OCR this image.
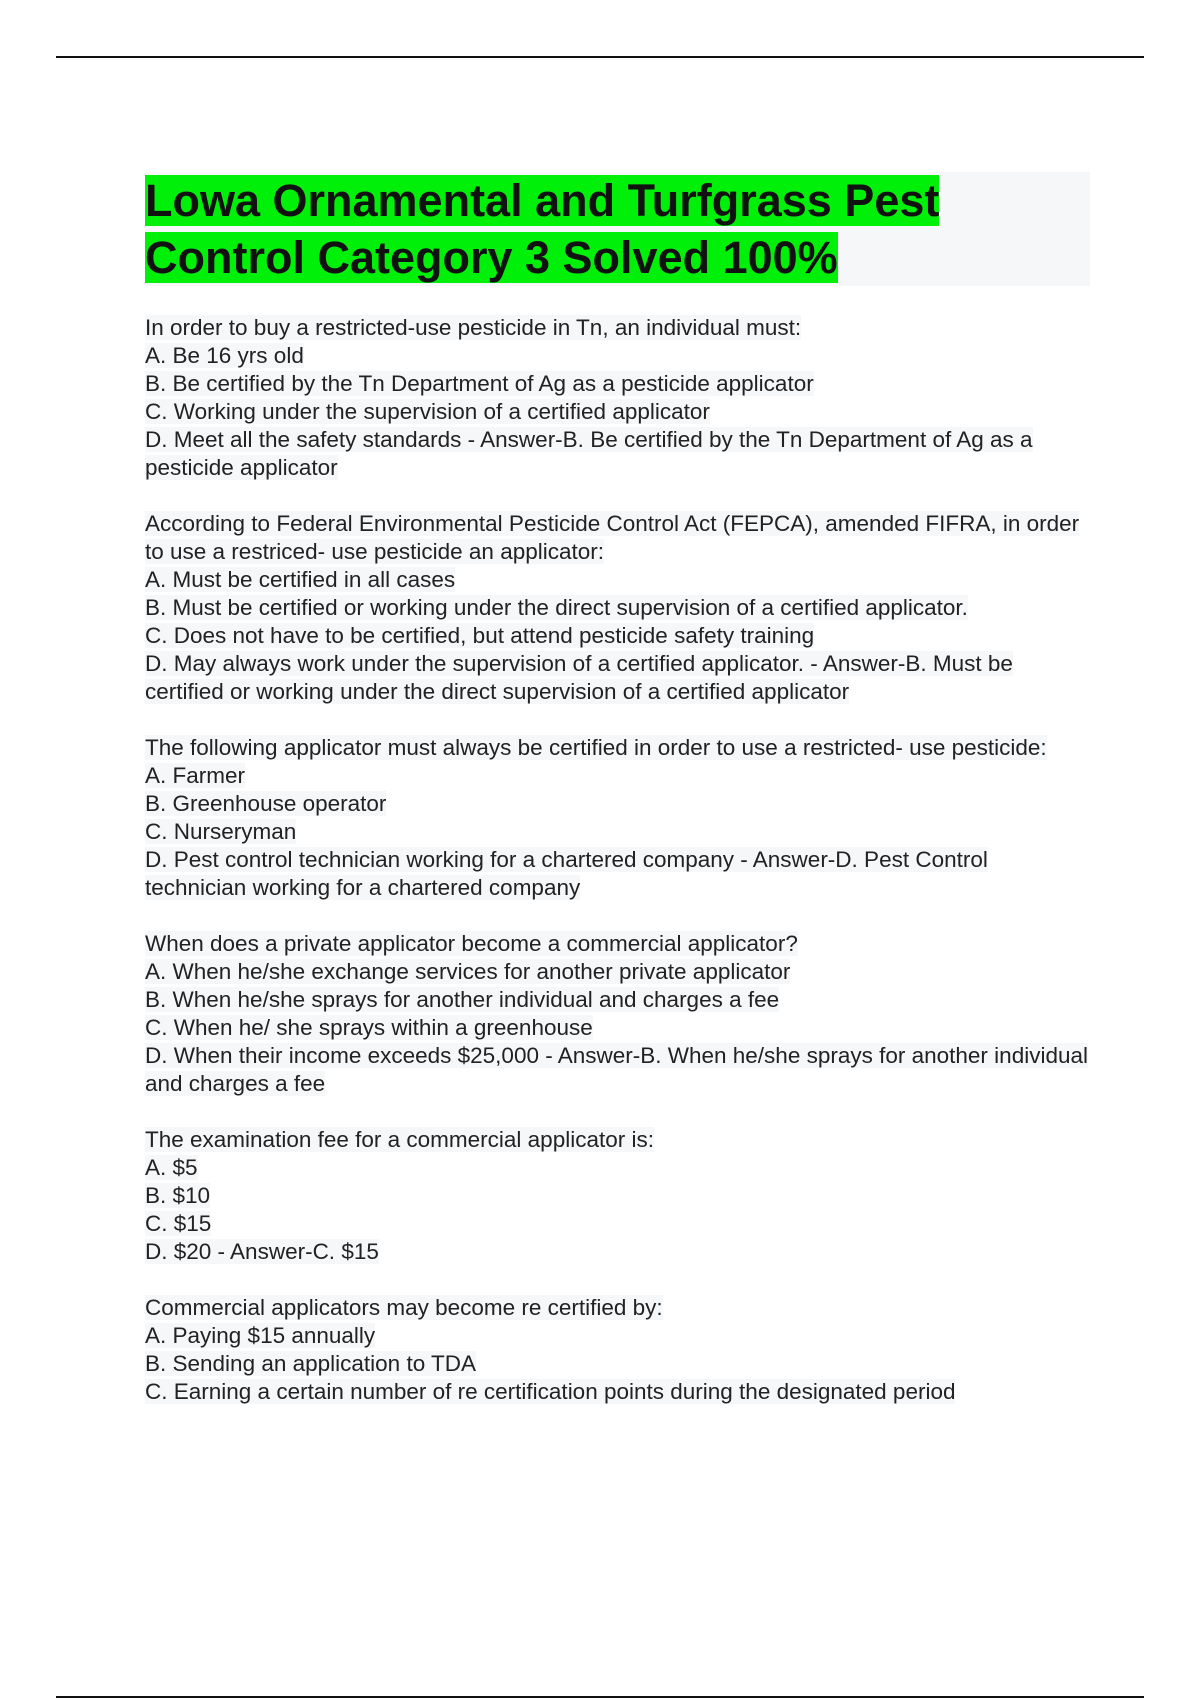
Lowa Ornamental and Turfgrass Pest Control Category 3 Solved 100%
In order to buy a restricted-use pesticide in Tn, an individual must:
A. Be 16 yrs old
B. Be certified by the Tn Department of Ag as a pesticide applicator
C. Working under the supervision of a certified applicator
D. Meet all the safety standards - Answer-B. Be certified by the Tn Department of Ag as a pesticide applicator
According to Federal Environmental Pesticide Control Act (FEPCA), amended FIFRA, in order to use a restriced- use pesticide an applicator:
A. Must be certified in all cases
B. Must be certified or working under the direct supervision of a certified applicator.
C. Does not have to be certified, but attend pesticide safety training
D. May always work under the supervision of a certified applicator. - Answer-B. Must be certified or working under the direct supervision of a certified applicator
The following applicator must always be certified in order to use a restricted- use pesticide:
A. Farmer
B. Greenhouse operator
C. Nurseryman
D. Pest control technician working for a chartered company - Answer-D. Pest Control technician working for a chartered company
When does a private applicator become a commercial applicator?
A. When he/she exchange services for another private applicator
B. When he/she sprays for another individual and charges a fee
C. When he/ she sprays within a greenhouse
D. When their income exceeds $25,000 - Answer-B. When he/she sprays for another individual and charges a fee
The examination fee for a commercial applicator is:
A. $5
B. $10
C. $15
D. $20 - Answer-C. $15
Commercial applicators may become re certified by:
A. Paying $15 annually
B. Sending an application to TDA
C. Earning a certain number of re certification points during the designated period
